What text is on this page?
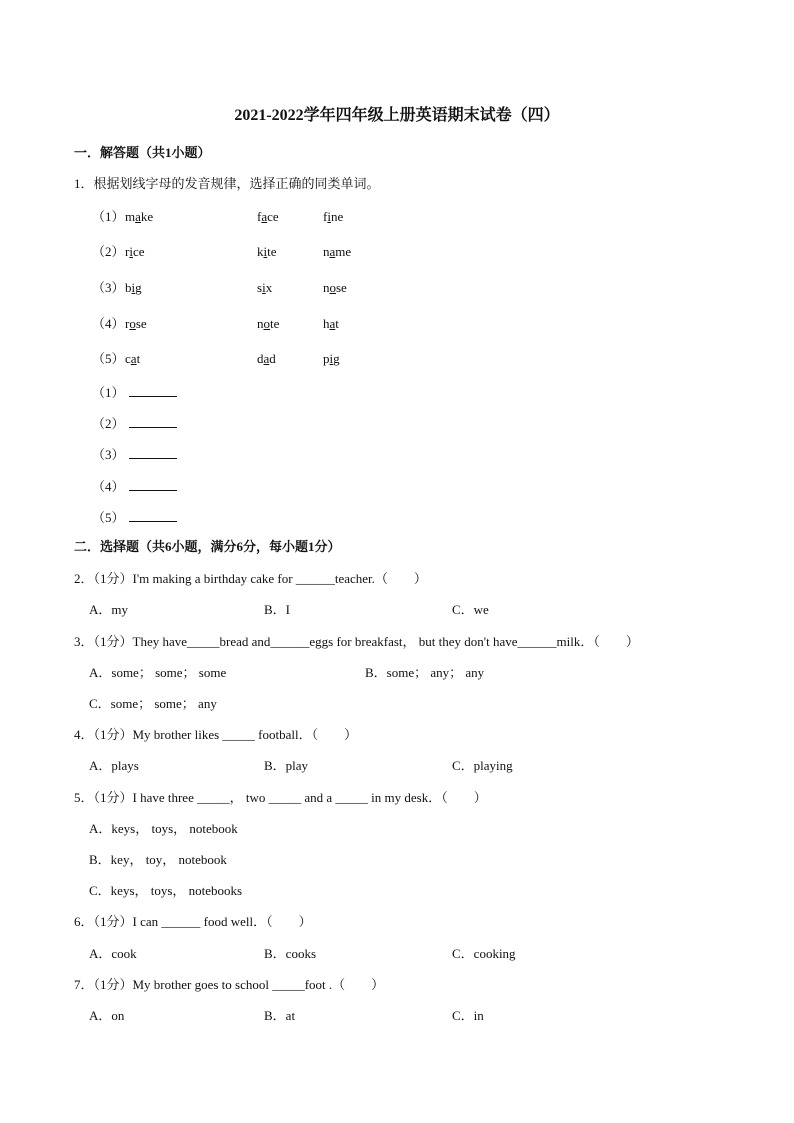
2021-2022学年四年级上册英语期末试卷（四）
一．解答题（共1小题）
1．根据划线字母的发音规律，选择正确的同类单词。
（1） make	face	fine
（2） rice	kite	name
（3） big	six	nose
（4） rose	note	hat
（5） cat	dad	pig
（1）
（2）
（3）
（4）
（5）
二．选择题（共6小题，满分6分，每小题1分）
2．（1分）I'm making a birthday cake for ______teacher.（　　）
A．my	B．I	C．we
3．（1分）They have_____bread and______eggs for breakfast， but they don't have______milk．（　　）
A．some； some； some	B．some； any； any
C．some； some； any
4．（1分）My brother likes _____ football．（　　）
A．plays	B．play	C．playing
5．（1分）I have three _____， two _____ and a _____ in my desk．（　　）
A．keys， toys， notebook
B．key， toy， notebook
C．keys， toys， notebooks
6．（1分）I can ______ food well．（　　）
A．cook	B．cooks	C．cooking
7．（1分）My brother goes to school _____foot .（　　）
A．on	B．at	C．in
